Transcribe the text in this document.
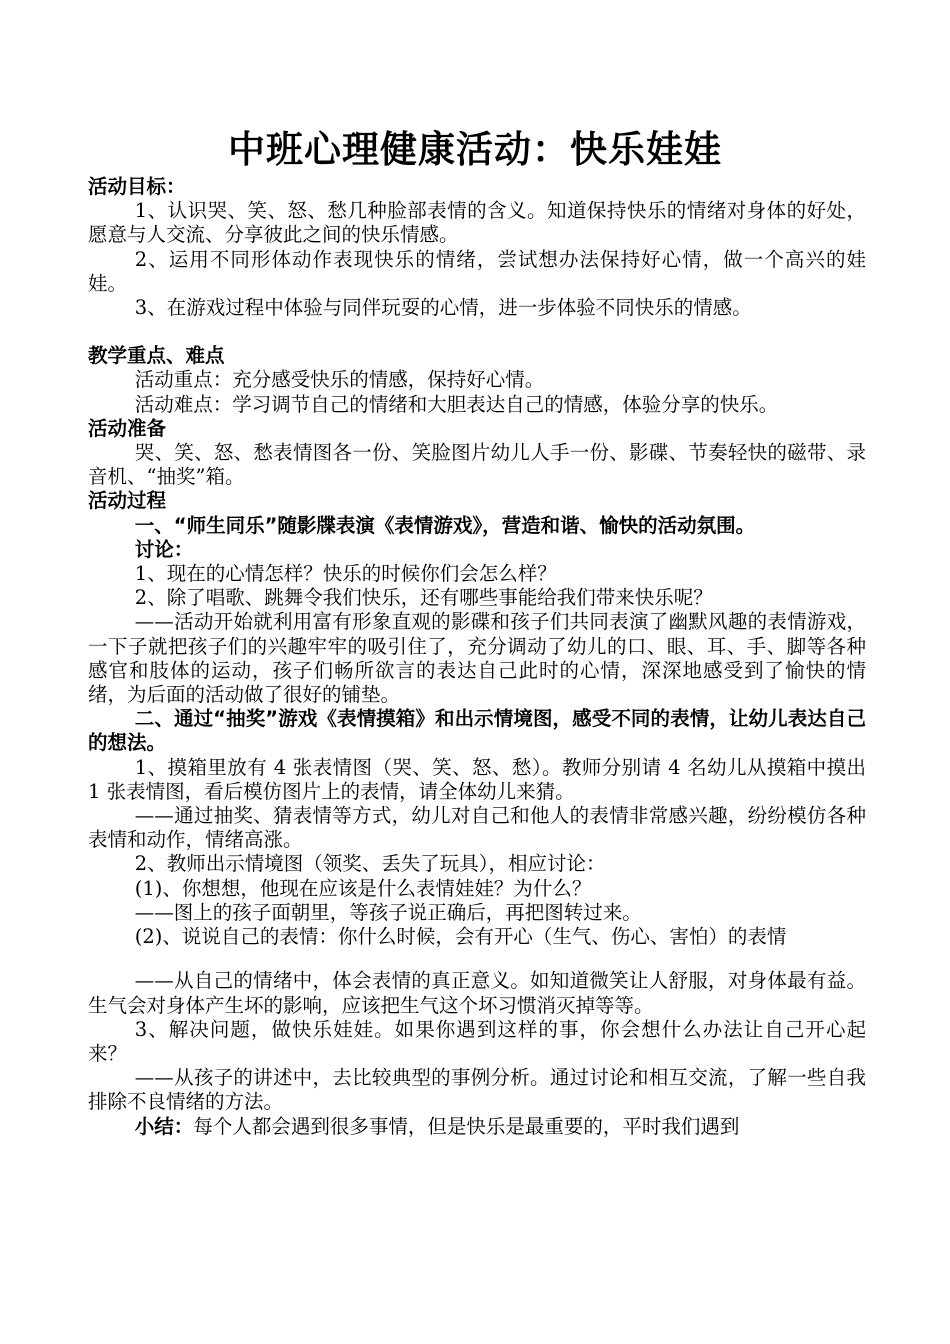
中班心理健康活动：快乐娃娃

活动目标：

1、认识哭、笑、怒、愁几种脸部表情的含义。知道保持快乐的情绪对身体的好处，愿意与人交流、分享彼此之间的快乐情感。

2、运用不同形体动作表现快乐的情绪，尝试想办法保持好心情，做一个高兴的娃娃。

3、在游戏过程中体验与同伴玩耍的心情，进一步体验不同快乐的情感。

教学重点、难点

活动重点：充分感受快乐的情感，保持好心情。

活动难点：学习调节自己的情绪和大胆表达自己的情感，体验分享的快乐。

活动准备

哭、笑、怒、愁表情图各一份、笑脸图片幼儿人手一份、影碟、节奏轻快的磁带、录音机、“抽奖”箱。

活动过程

一、“师生同乐”随影牒表演《表情游戏》，营造和谐、愉快的活动氛围。

讨论：

1、现在的心情怎样？快乐的时候你们会怎么样？

2、除了唱歌、跳舞令我们快乐，还有哪些事能给我们带来快乐呢？

——活动开始就利用富有形象直观的影碟和孩子们共同表演了幽默风趣的表情游戏，一下子就把孩子们的兴趣牢牢的吸引住了，充分调动了幼儿的口、眼、耳、手、脚等各种感官和肢体的运动，孩子们畅所欲言的表达自己此时的心情，深深地感受到了愉快的情绪，为后面的活动做了很好的铺垫。

二、通过“抽奖”游戏《表情摸箱》和出示情境图，感受不同的表情，让幼儿表达自己的想法。

1、摸箱里放有 4 张表情图（哭、笑、怒、愁）。教师分别请 4 名幼儿从摸箱中摸出 1 张表情图，看后模仿图片上的表情，请全体幼儿来猜。

——通过抽奖、猜表情等方式，幼儿对自己和他人的表情非常感兴趣，纷纷模仿各种表情和动作，情绪高涨。

2、教师出示情境图（领奖、丢失了玩具），相应讨论：

(1)、你想想，他现在应该是什么表情娃娃？为什么？

——图上的孩子面朝里，等孩子说正确后，再把图转过来。

(2)、说说自己的表情：你什么时候，会有开心（生气、伤心、害怕）的表情

——从自己的情绪中，体会表情的真正意义。如知道微笑让人舒服，对身体最有益。生气会对身体产生坏的影响，应该把生气这个坏习惯消灭掉等等。

3、解决问题，做快乐娃娃。如果你遇到这样的事，你会想什么办法让自己开心起来？

——从孩子的讲述中，去比较典型的事例分析。通过讨论和相互交流，了解一些自我排除不良情绪的方法。

小结：每个人都会遇到很多事情，但是快乐是最重要的，平时我们遇到
